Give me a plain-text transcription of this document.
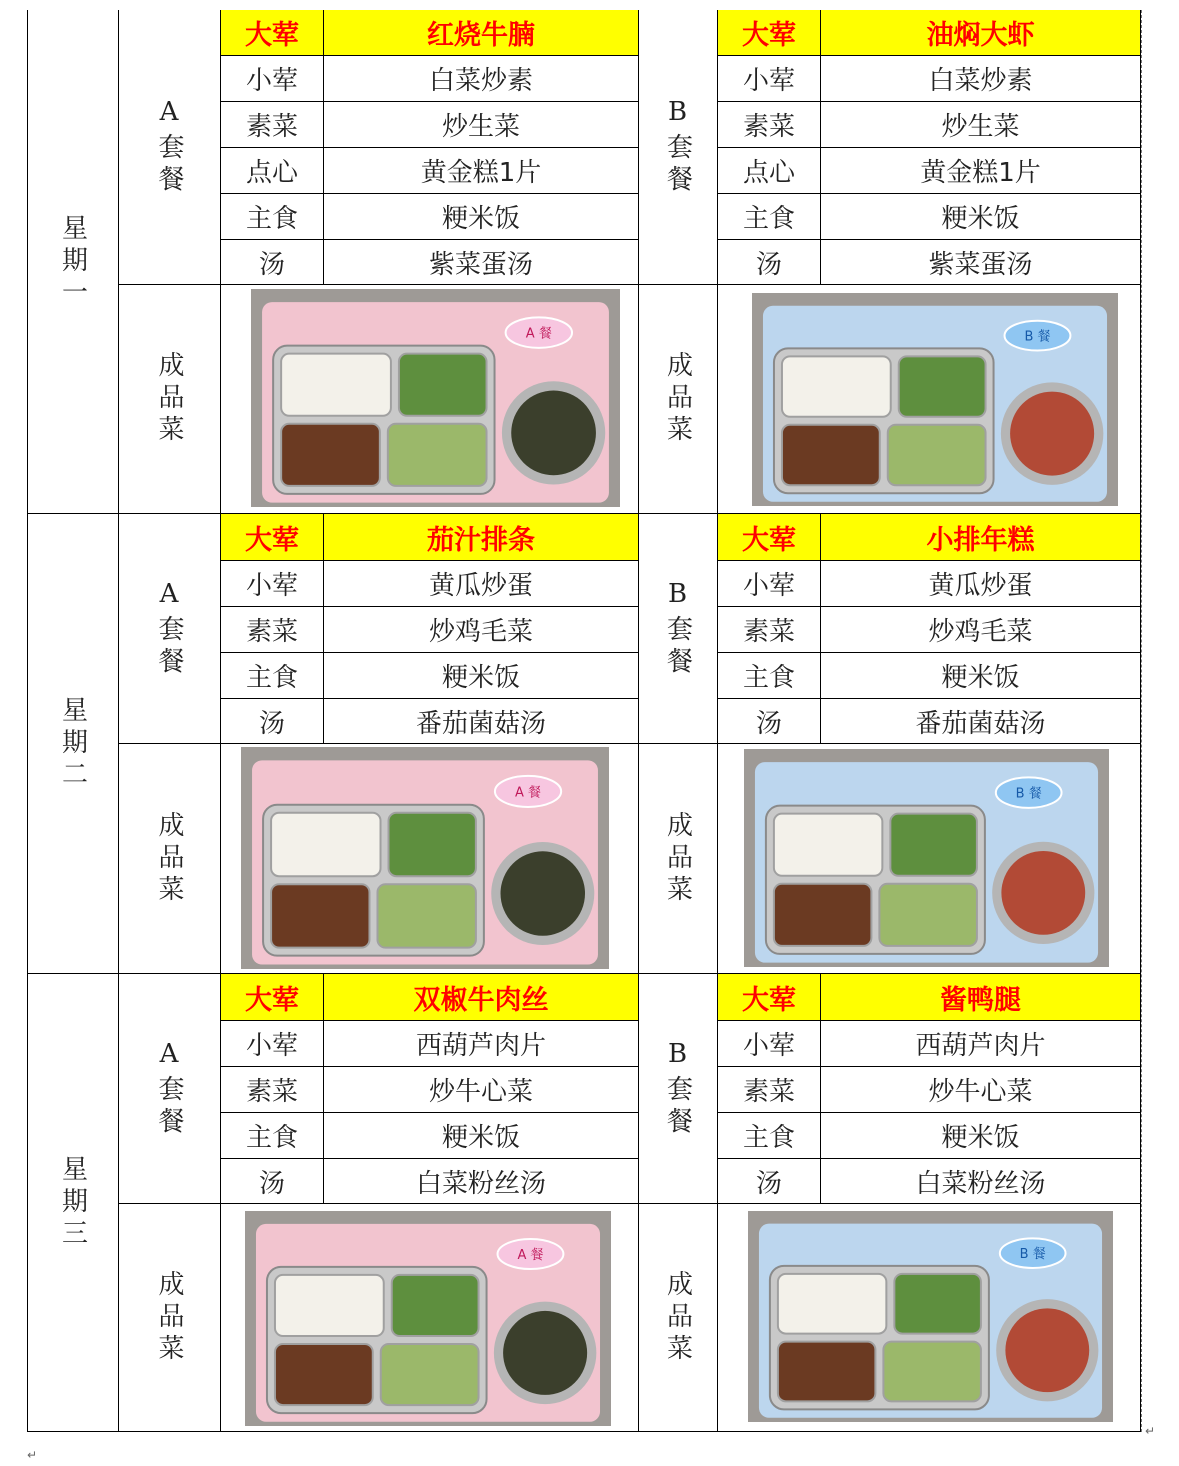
星期一
A套餐
大荤	红烧牛腩
小荤	白菜炒素
素菜	炒生菜
点心	黄金糕1片
主食	粳米饭
汤	紫菜蛋汤
成品菜
A 餐
B套餐
大荤	油焖大虾
小荤	白菜炒素
素菜	炒生菜
点心	黄金糕1片
主食	粳米饭
汤	紫菜蛋汤
成品菜
B 餐
星期二
A套餐
大荤	茄汁排条
小荤	黄瓜炒蛋
素菜	炒鸡毛菜
主食	粳米饭
汤	番茄菌菇汤
成品菜
A 餐
B套餐
大荤	小排年糕
小荤	黄瓜炒蛋
素菜	炒鸡毛菜
主食	粳米饭
汤	番茄菌菇汤
成品菜
B 餐
星期三
A套餐
大荤	双椒牛肉丝
小荤	西葫芦肉片
素菜	炒牛心菜
主食	粳米饭
汤	白菜粉丝汤
成品菜
A 餐
B套餐
大荤	酱鸭腿
小荤	西葫芦肉片
素菜	炒牛心菜
主食	粳米饭
汤	白菜粉丝汤
成品菜
B 餐
↵
↵
